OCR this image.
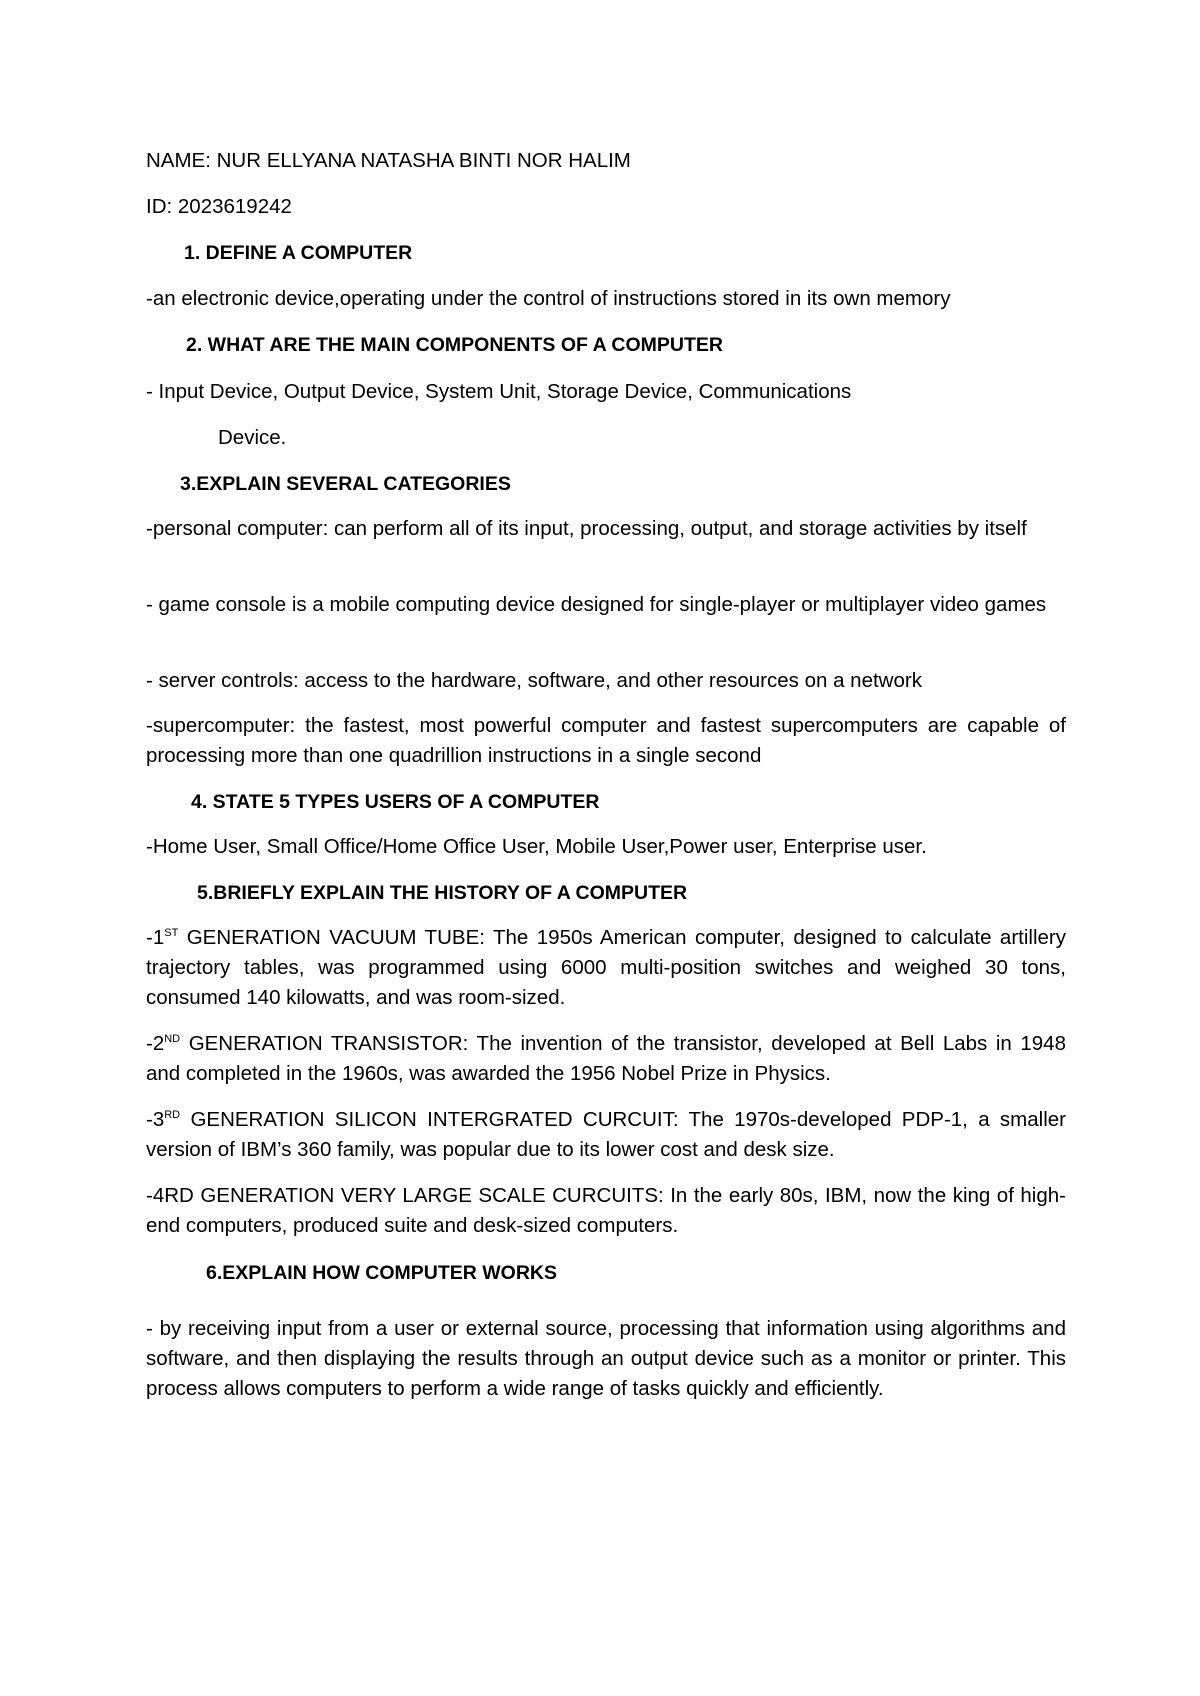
NAME: NUR ELLYANA NATASHA BINTI NOR HALIM

ID: 2023619242

1. DEFINE A COMPUTER

-an electronic device,operating under the control of instructions stored in its own memory

2. WHAT ARE THE MAIN COMPONENTS OF A COMPUTER

- Input Device, Output Device, System Unit, Storage Device, Communications

Device.

3.EXPLAIN SEVERAL CATEGORIES

-personal computer: can perform all of its input, processing, output, and storage activities by itself

- game console is a mobile computing device designed for single-player or multiplayer video games

- server controls: access to the hardware, software, and other resources on a network

-supercomputer: the fastest, most powerful computer and fastest supercomputers are capable of processing more than one quadrillion instructions in a single second

4. STATE 5 TYPES USERS OF A COMPUTER

-Home User, Small Office/Home Office User, Mobile User,Power user, Enterprise user.

5.BRIEFLY EXPLAIN THE HISTORY OF A COMPUTER

-1ST GENERATION VACUUM TUBE: The 1950s American computer, designed to calculate artillery trajectory tables, was programmed using 6000 multi-position switches and weighed 30 tons, consumed 140 kilowatts, and was room-sized.

-2ND GENERATION TRANSISTOR: The invention of the transistor, developed at Bell Labs in 1948 and completed in the 1960s, was awarded the 1956 Nobel Prize in Physics.

-3RD GENERATION SILICON INTERGRATED CURCUIT: The 1970s-developed PDP-1, a smaller version of IBM’s 360 family, was popular due to its lower cost and desk size.

-4RD GENERATION VERY LARGE SCALE CURCUITS: In the early 80s, IBM, now the king of high-end computers, produced suite and desk-sized computers.

6.EXPLAIN HOW COMPUTER WORKS

- by receiving input from a user or external source, processing that information using algorithms and software, and then displaying the results through an output device such as a monitor or printer. This process allows computers to perform a wide range of tasks quickly and efficiently.
